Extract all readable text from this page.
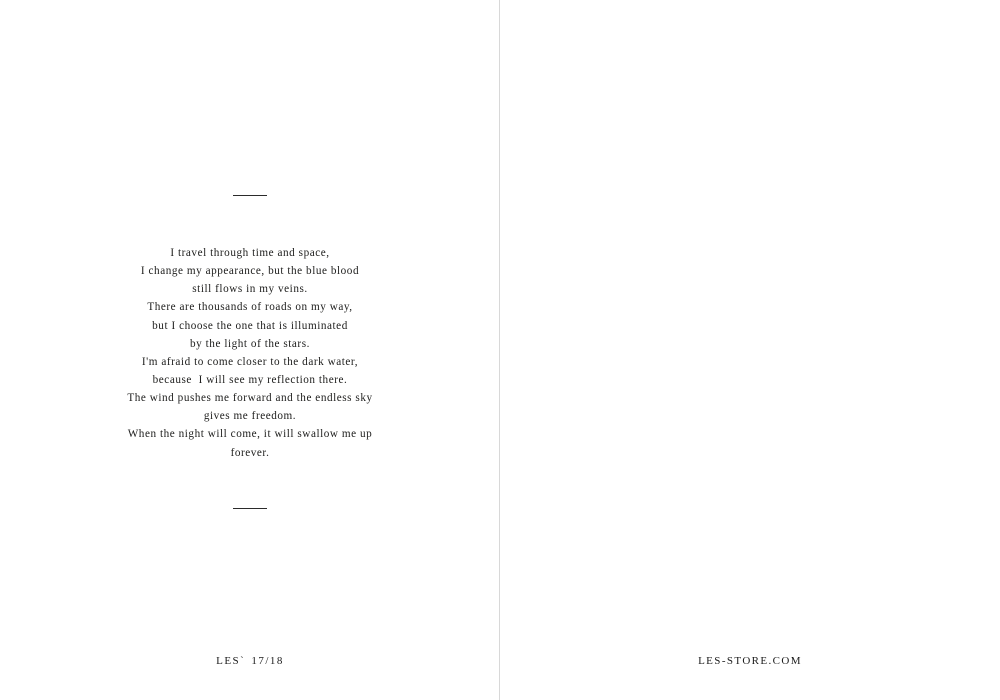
I travel through time and space,
I change my appearance, but the blue blood
still flows in my veins.
There are thousands of roads on my way,
but I choose the one that is illuminated
by the light of the stars.
I'm afraid to come closer to the dark water,
because  I will see my reflection there.
The wind pushes me forward and the endless sky
gives me freedom.
When the night will come, it will swallow me up
forever.
LES` 17/18	LES-STORE.COM
